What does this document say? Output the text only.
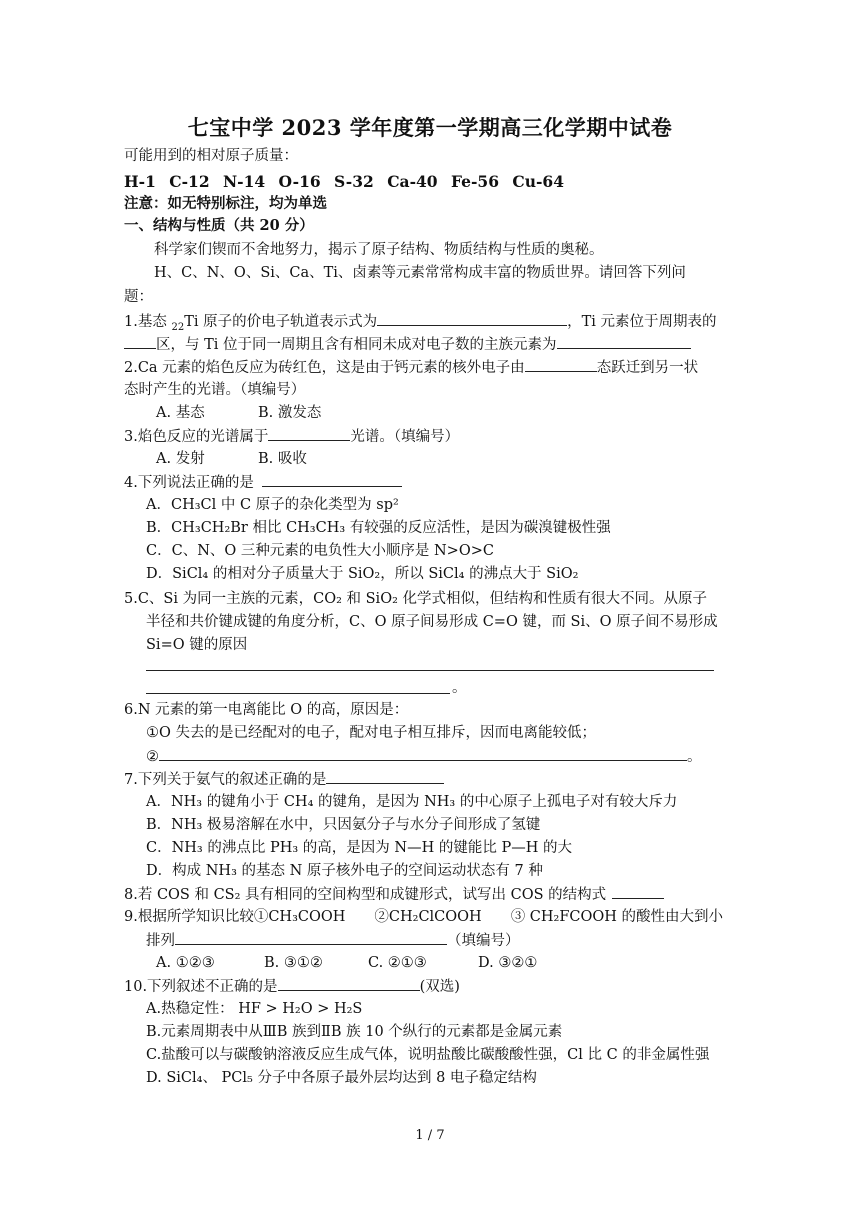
七宝中学 2023 学年度第一学期高三化学期中试卷
可能用到的相对原子质量：
H-1 C-12 N-14 O-16 S-32 Ca-40 Fe-56 Cu-64
注意：如无特别标注，均为单选
一、结构与性质（共 20 分）
科学家们锲而不舍地努力，揭示了原子结构、物质结构与性质的奥秘。
H、C、N、O、Si、Ca、Ti、卤素等元素常常构成丰富的物质世界。请回答下列问
题：
1.基态 $_{22}$Ti 原子的价电子轨道表示式为	，Ti 元素位于周期表的
区，与 Ti 位于同一周期且含有相同未成对电子数的主族元素为
2.Ca 元素的焰色反应为砖红色，这是由于钙元素的核外电子由	态跃迁到另一状
态时产生的光谱。（填编号）
A. 基态	B. 激发态
3.焰色反应的光谱属于	光谱。（填编号）
A. 发射	B. 吸收
4.下列说法正确的是
A．CH₃Cl 中 C 原子的杂化类型为 sp²
B．CH₃CH₂Br 相比 CH₃CH₃ 有较强的反应活性，是因为碳溴键极性强
C．C、N、O 三种元素的电负性大小顺序是 N>O>C
D．SiCl₄ 的相对分子质量大于 SiO₂，所以 SiCl₄ 的沸点大于 SiO₂
5.C、Si 为同一主族的元素，CO₂ 和 SiO₂ 化学式相似，但结构和性质有很大不同。从原子
半径和共价键成键的角度分析，C、O 原子间易形成 C=O 键，而 Si、O 原子间不易形成
Si=O 键的原因
。
6.N 元素的第一电离能比 O 的高，原因是：
①O 失去的是已经配对的电子，配对电子相互排斥，因而电离能较低；
②	。
7.下列关于氨气的叙述正确的是
A．NH₃ 的键角小于 CH₄ 的键角，是因为 NH₃ 的中心原子上孤电子对有较大斥力
B．NH₃ 极易溶解在水中，只因氨分子与水分子间形成了氢键
C．NH₃ 的沸点比 PH₃ 的高，是因为 N—H 的键能比 P—H 的大
D．构成 NH₃ 的基态 N 原子核外电子的空间运动状态有 7 种
8.若 COS 和 CS₂ 具有相同的空间构型和成键形式，试写出 COS 的结构式
9.根据所学知识比较①CH₃COOH　　②CH₂ClCOOH　　③ CH₂FCOOH 的酸性由大到小
排列	（填编号）
A. ①②③	B. ③①②	C. ②①③	D. ③②①
10.下列叙述不正确的是	(双选)
A.热稳定性： HF > H₂O > H₂S
B.元素周期表中从ⅢB 族到ⅡB 族 10 个纵行的元素都是金属元素
C.盐酸可以与碳酸钠溶液反应生成气体，说明盐酸比碳酸酸性强，Cl 比 C 的非金属性强
D. SiCl₄、 PCl₅ 分子中各原子最外层均达到 8 电子稳定结构
1 / 7
